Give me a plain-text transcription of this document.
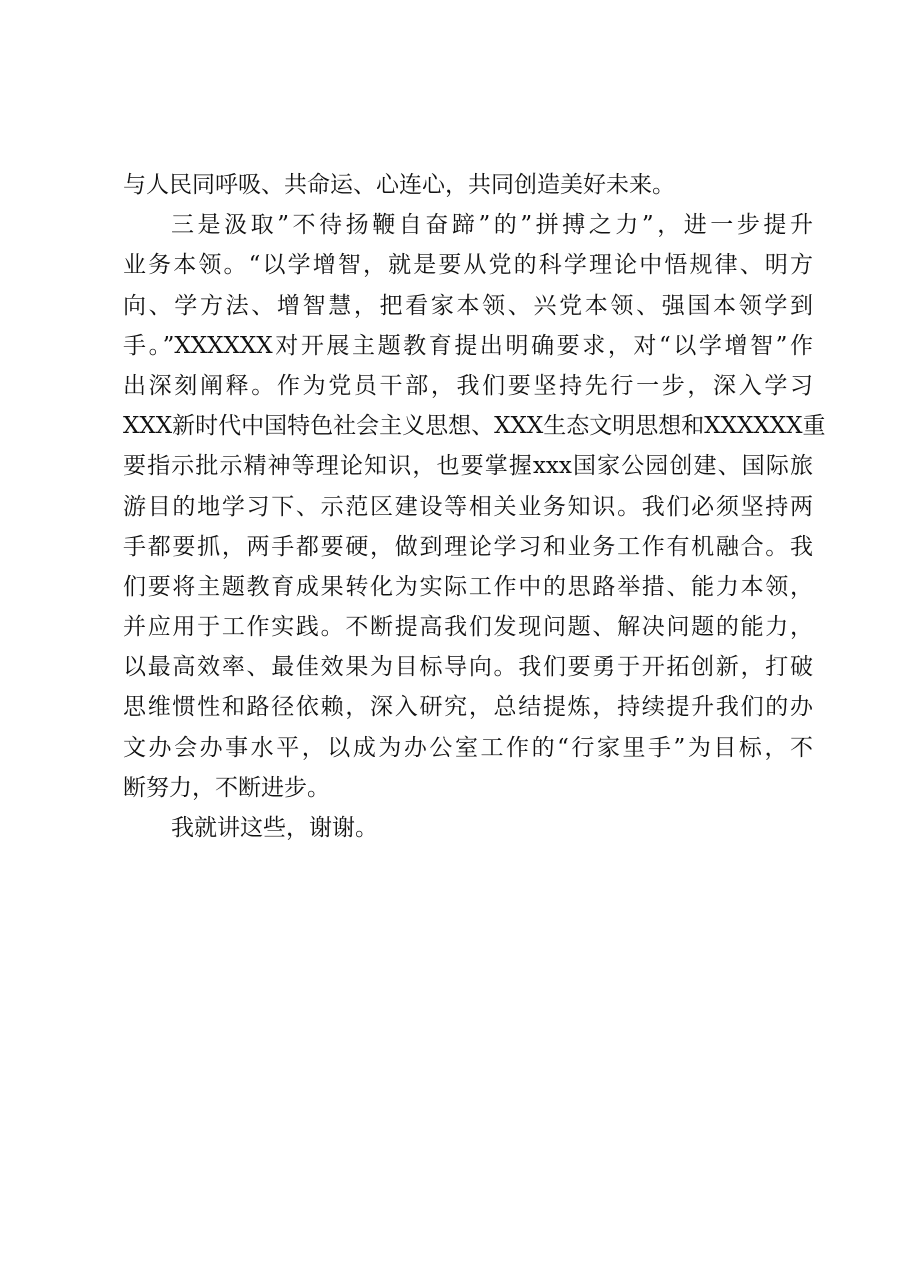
与人民同呼吸、共命运、心连心，共同创造美好未来。
三是汲取”不待扬鞭自奋蹄”的”拼搏之力”，进一步提升
业务本领。“以学增智，就是要从党的科学理论中悟规律、明方
向、学方法、增智慧，把看家本领、兴党本领、强国本领学到
手。”XXXXXX对开展主题教育提出明确要求，对“以学增智”作
出深刻阐释。作为党员干部，我们要坚持先行一步，深入学习
XXX新时代中国特色社会主义思想、XXX生态文明思想和XXXXXX重
要指示批示精神等理论知识，也要掌握xxx国家公园创建、国际旅
游目的地学习下、示范区建设等相关业务知识。我们必须坚持两
手都要抓，两手都要硬，做到理论学习和业务工作有机融合。我
们要将主题教育成果转化为实际工作中的思路举措、能力本领，
并应用于工作实践。不断提高我们发现问题、解决问题的能力，
以最高效率、最佳效果为目标导向。我们要勇于开拓创新，打破
思维惯性和路径依赖，深入研究，总结提炼，持续提升我们的办
文办会办事水平，以成为办公室工作的“行家里手”为目标，不
断努力，不断进步。
我就讲这些，谢谢。
